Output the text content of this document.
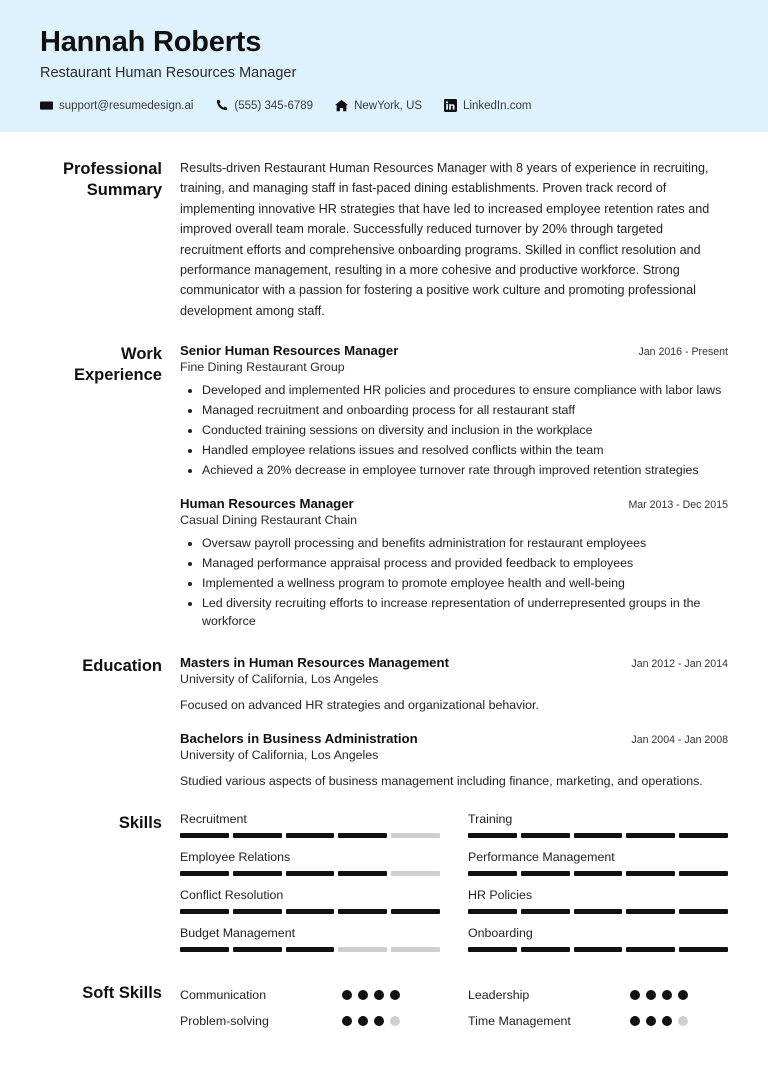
Hannah Roberts
Restaurant Human Resources Manager
support@resumedesign.ai	(555) 345-6789	NewYork, US	LinkedIn.com
Professional Summary

Results-driven Restaurant Human Resources Manager with 8 years of experience in recruiting, training, and managing staff in fast-paced dining establishments. Proven track record of implementing innovative HR strategies that have led to increased employee retention rates and improved overall team morale. Successfully reduced turnover by 20% through targeted recruitment efforts and comprehensive onboarding programs. Skilled in conflict resolution and performance management, resulting in a more cohesive and productive workforce. Strong communicator with a passion for fostering a positive work culture and promoting professional development among staff.

Work Experience
Senior Human Resources Manager	Jan 2016 - Present
Fine Dining Restaurant Group
• Developed and implemented HR policies and procedures to ensure compliance with labor laws
• Managed recruitment and onboarding process for all restaurant staff
• Conducted training sessions on diversity and inclusion in the workplace
• Handled employee relations issues and resolved conflicts within the team
• Achieved a 20% decrease in employee turnover rate through improved retention strategies
Human Resources Manager	Mar 2013 - Dec 2015
Casual Dining Restaurant Chain
• Oversaw payroll processing and benefits administration for restaurant employees
• Managed performance appraisal process and provided feedback to employees
• Implemented a wellness program to promote employee health and well-being
• Led diversity recruiting efforts to increase representation of underrepresented groups in the workforce
Education	Masters in Human Resources Management	Jan 2012 - Jan 2014
University of California, Los Angeles
Focused on advanced HR strategies and organizational behavior.
Bachelors in Business Administration	Jan 2004 - Jan 2008
University of California, Los Angeles
Studied various aspects of business management including finance, marketing, and operations.
Skills	Recruitment	Training
Employee Relations	Performance Management
Conflict Resolution	HR Policies
Budget Management	Onboarding
Soft Skills	Communication	Leadership
Problem-solving	Time Management
